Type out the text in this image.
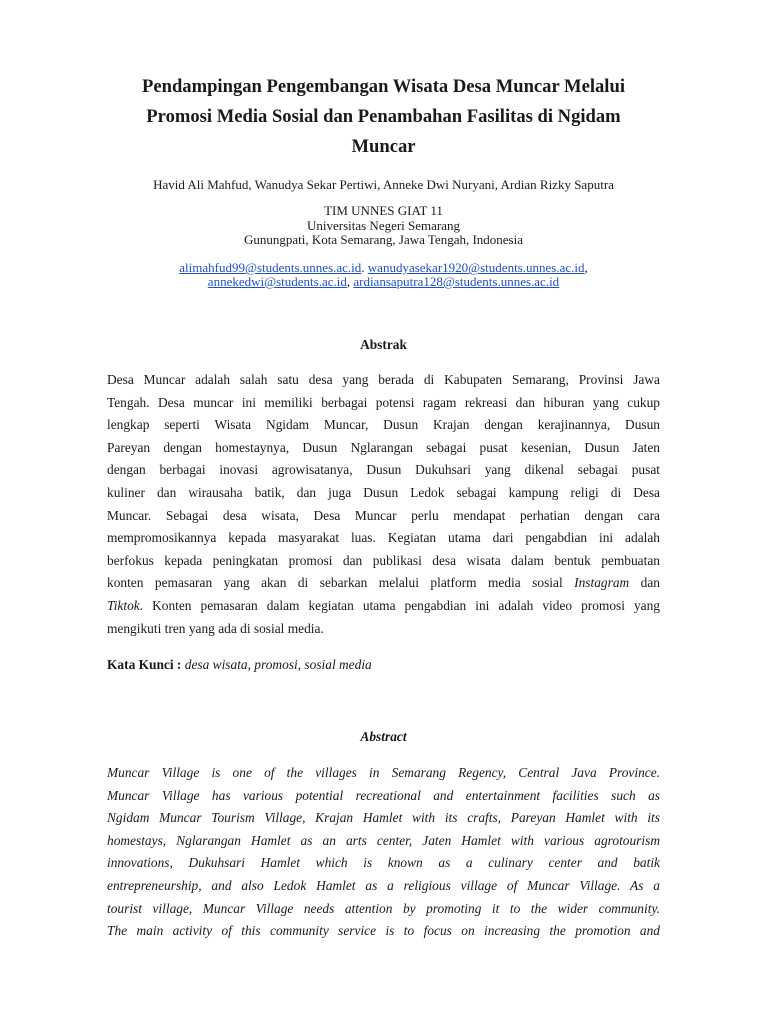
Pendampingan Pengembangan Wisata Desa Muncar Melalui
Promosi Media Sosial dan Penambahan Fasilitas di Ngidam
Muncar

Havid Ali Mahfud, Wanudya Sekar Pertiwi, Anneke Dwi Nuryani, Ardian Rizky Saputra

TIM UNNES GIAT 11
Universitas Negeri Semarang
Gunungpati, Kota Semarang, Jawa Tengah, Indonesia

alimahfud99@students.unnes.ac.id. wanudyasekar1920@students.unnes.ac.id,
annekedwi@students.ac.id, ardiansaputra128@students.unnes.ac.id

Abstrak
Desa Muncar adalah salah satu desa yang berada di Kabupaten Semarang, Provinsi Jawa
Tengah. Desa muncar ini memiliki berbagai potensi ragam rekreasi dan hiburan yang cukup
lengkap seperti Wisata Ngidam Muncar, Dusun Krajan dengan kerajinannya, Dusun
Pareyan dengan homestaynya, Dusun Nglarangan sebagai pusat kesenian, Dusun Jaten
dengan berbagai inovasi agrowisatanya, Dusun Dukuhsari yang dikenal sebagai pusat
kuliner dan wirausaha batik, dan juga Dusun Ledok sebagai kampung religi di Desa
Muncar. Sebagai desa wisata, Desa Muncar perlu mendapat perhatian dengan cara
mempromosikannya kepada masyarakat luas. Kegiatan utama dari pengabdian ini adalah
berfokus kepada peningkatan promosi dan publikasi desa wisata dalam bentuk pembuatan
konten pemasaran yang akan di sebarkan melalui platform media sosial Instagram dan
Tiktok. Konten pemasaran dalam kegiatan utama pengabdian ini adalah video promosi yang
mengikuti tren yang ada di sosial media.

Kata Kunci : desa wisata, promosi, sosial media

Abstract
Muncar Village is one of the villages in Semarang Regency, Central Java Province.
Muncar Village has various potential recreational and entertainment facilities such as
Ngidam Muncar Tourism Village, Krajan Hamlet with its crafts, Pareyan Hamlet with its
homestays, Nglarangan Hamlet as an arts center, Jaten Hamlet with various agrotourism
innovations, Dukuhsari Hamlet which is known as a culinary center and batik
entrepreneurship, and also Ledok Hamlet as a religious village of Muncar Village. As a
tourist village, Muncar Village needs attention by promoting it to the wider community.
The main activity of this community service is to focus on increasing the promotion and
